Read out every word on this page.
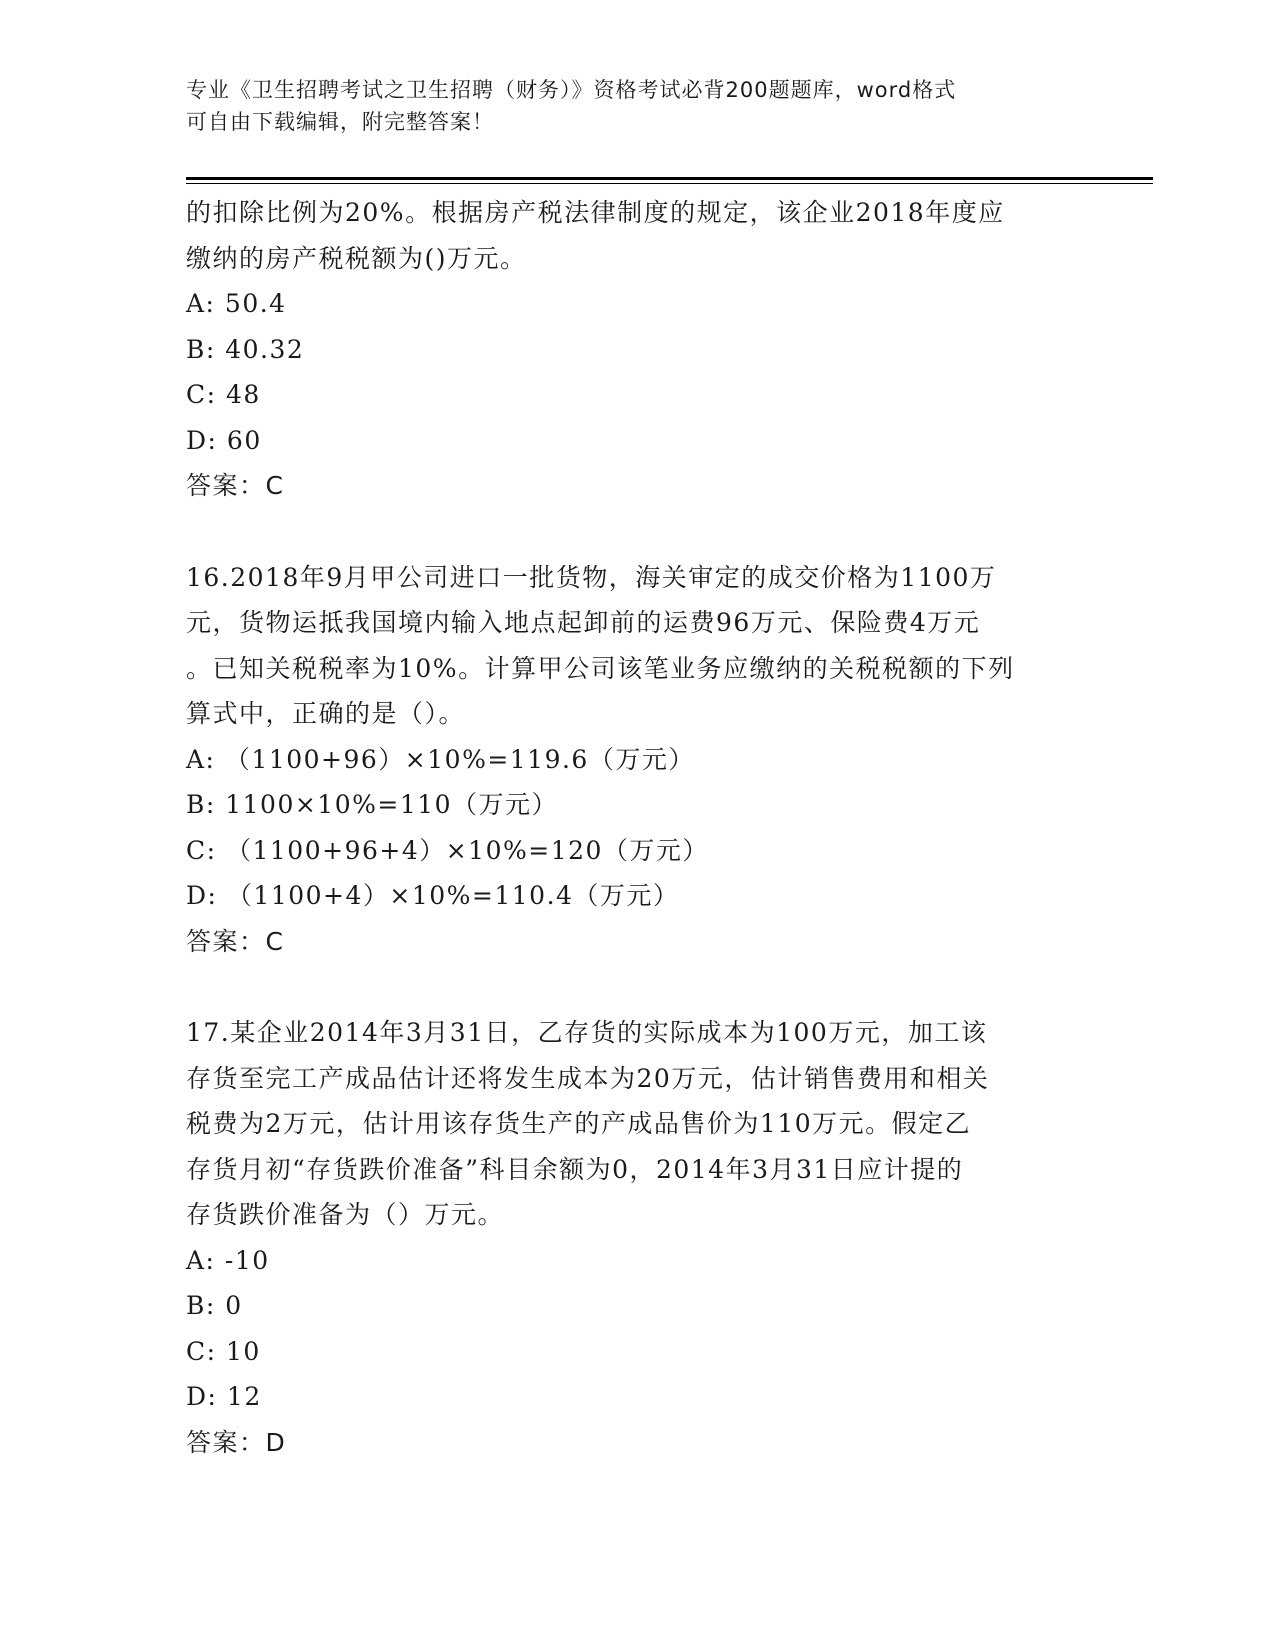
专业《卫生招聘考试之卫生招聘（财务）》资格考试必背200题题库，word格式
可自由下载编辑，附完整答案！

的扣除比例为20%。根据房产税法律制度的规定，该企业2018年度应

缴纳的房产税税额为()万元。

A: 50.4

B: 40.32

C: 48

D: 60

答案：C

16.2018年9月甲公司进口一批货物，海关审定的成交价格为1100万

元，货物运抵我国境内输入地点起卸前的运费96万元、保险费4万元

。已知关税税率为10%。计算甲公司该笔业务应缴纳的关税税额的下列

算式中，正确的是（）。

A: （1100+96）×10%=119.6（万元）

B: 1100×10%=110（万元）

C: （1100+96+4）×10%=120（万元）

D: （1100+4）×10%=110.4（万元）

答案：C

17.某企业2014年3月31日，乙存货的实际成本为100万元，加工该

存货至完工产成品估计还将发生成本为20万元，估计销售费用和相关

税费为2万元，估计用该存货生产的产成品售价为110万元。假定乙

存货月初“存货跌价准备”科目余额为0，2014年3月31日应计提的

存货跌价准备为（）万元。

A: -10

B: 0

C: 10

D: 12

答案：D
